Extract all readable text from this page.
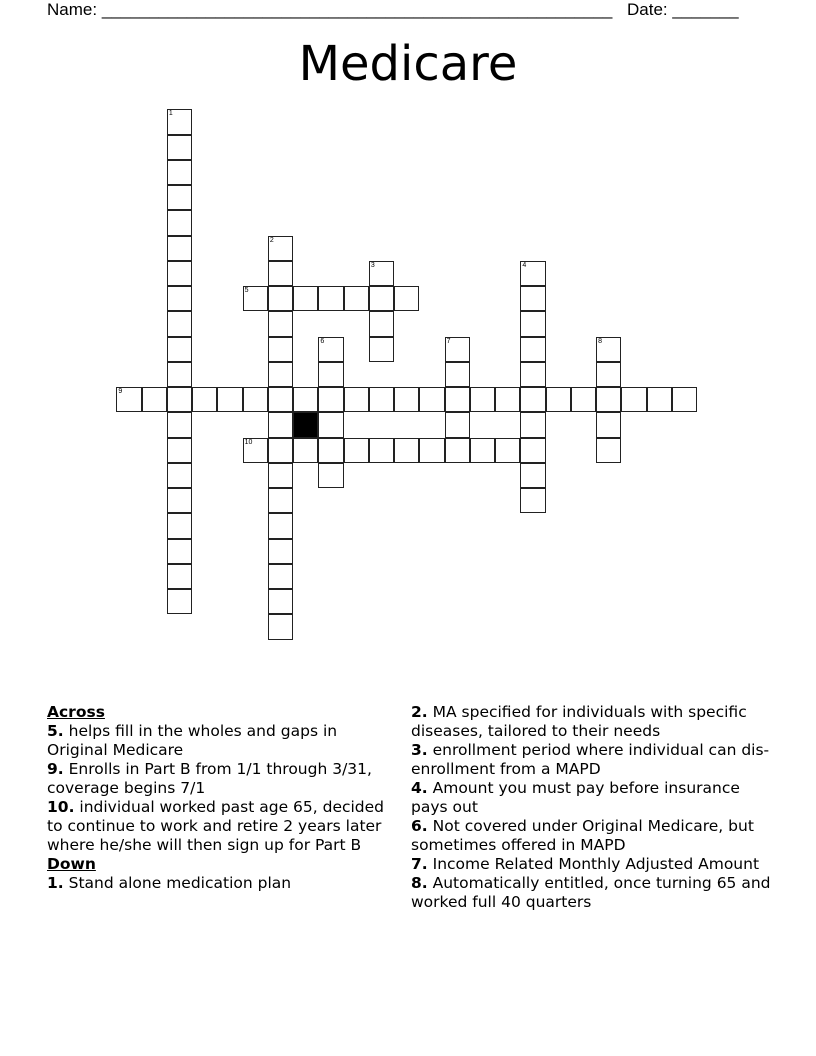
Name: ______________________________________________________ Date: _______
Medicare
1
2
3	4
5
6	7	8
9
10
Across
5. helps fill in the wholes and gaps in Original Medicare
9. Enrolls in Part B from 1/1 through 3/31, coverage begins 7/1
10. individual worked past age 65, decided to continue to work and retire 2 years later where he/she will then sign up for Part B
Down
1. Stand alone medication plan
2. MA specified for individuals with specific diseases, tailored to their needs
3. enrollment period where individual can dis-enrollment from a MAPD
4. Amount you must pay before insurance pays out
6. Not covered under Original Medicare, but sometimes offered in MAPD
7. Income Related Monthly Adjusted Amount
8. Automatically entitled, once turning 65 and worked full 40 quarters
